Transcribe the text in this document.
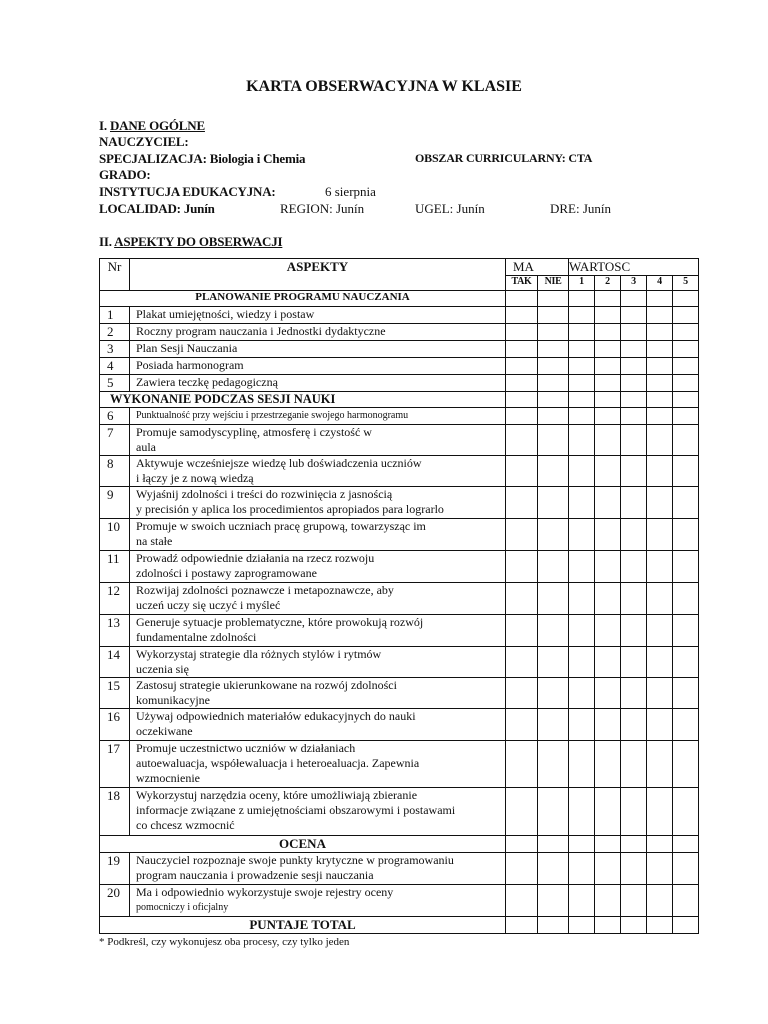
KARTA OBSERWACYJNA W KLASIE
I. DANE OGÓLNE
NAUCZYCIEL:
SPECJALIZACJA: Biologia i Chemia	OBSZAR CURRICULARNY: CTA
GRADO:
INSTYTUCJA EDUKACYJNA:	6 sierpnia
LOCALIDAD: Junín	REGION: Junín	UGEL: Junín	DRE: Junín
II. ASPEKTY DO OBSERWACJI
Nr	ASPEKTY	MA		WARTOSC				
		TAK	NIE	1	2	3	4	5
PLANOWANIE PROGRAMU NAUCZANIA								
1	Plakat umiejętności, wiedzy i postaw							

2	Roczny program nauczania i Jednostki dydaktyczne							

3	Plan Sesji Nauczania							

4	Posiada harmonogram							

5	Zawiera teczkę pedagogiczną							

WYKONANIE PODCZAS SESJI NAUKI								
6	Punktualność przy wejściu i przestrzeganie swojego harmonogramu							

7	Promuje samodyscyplinę, atmosferę i czystość w
aula							

8	Aktywuje wcześniejsze wiedzę lub doświadczenia uczniów
i łączy je z nową wiedzą							

9	Wyjaśnij zdolności i treści do rozwinięcia z jasnością
y precisión y aplica los procedimientos apropiados para lograrlo							

10	Promuje w swoich uczniach pracę grupową, towarzysząc im
na stałe							

11	Prowadź odpowiednie działania na rzecz rozwoju
zdolności i postawy zaprogramowane							

12	Rozwijaj zdolności poznawcze i metapoznawcze, aby
uczeń uczy się uczyć i myśleć							

13	Generuje sytuacje problematyczne, które prowokują rozwój
fundamentalne zdolności							

14	Wykorzystaj strategie dla różnych stylów i rytmów
uczenia się							

15	Zastosuj strategie ukierunkowane na rozwój zdolności
komunikacyjne							

16	Używaj odpowiednich materiałów edukacyjnych do nauki
oczekiwane							

17	Promuje uczestnictwo uczniów w działaniach
autoewaluacja, współewaluacja i heteroealuacja. Zapewnia
wzmocnienie							

18	Wykorzystuj narzędzia oceny, które umożliwiają zbieranie
informacje związane z umiejętnościami obszarowymi i postawami
co chcesz wzmocnić							

OCENA								
19	Nauczyciel rozpoznaje swoje punkty krytyczne w programowaniu
program nauczania i prowadzenie sesji nauczania							

20	Ma i odpowiednio wykorzystuje swoje rejestry oceny
pomocniczy i oficjalny							

PUNTAJE TOTAL								
* Podkreśl, czy wykonujesz oba procesy, czy tylko jeden
